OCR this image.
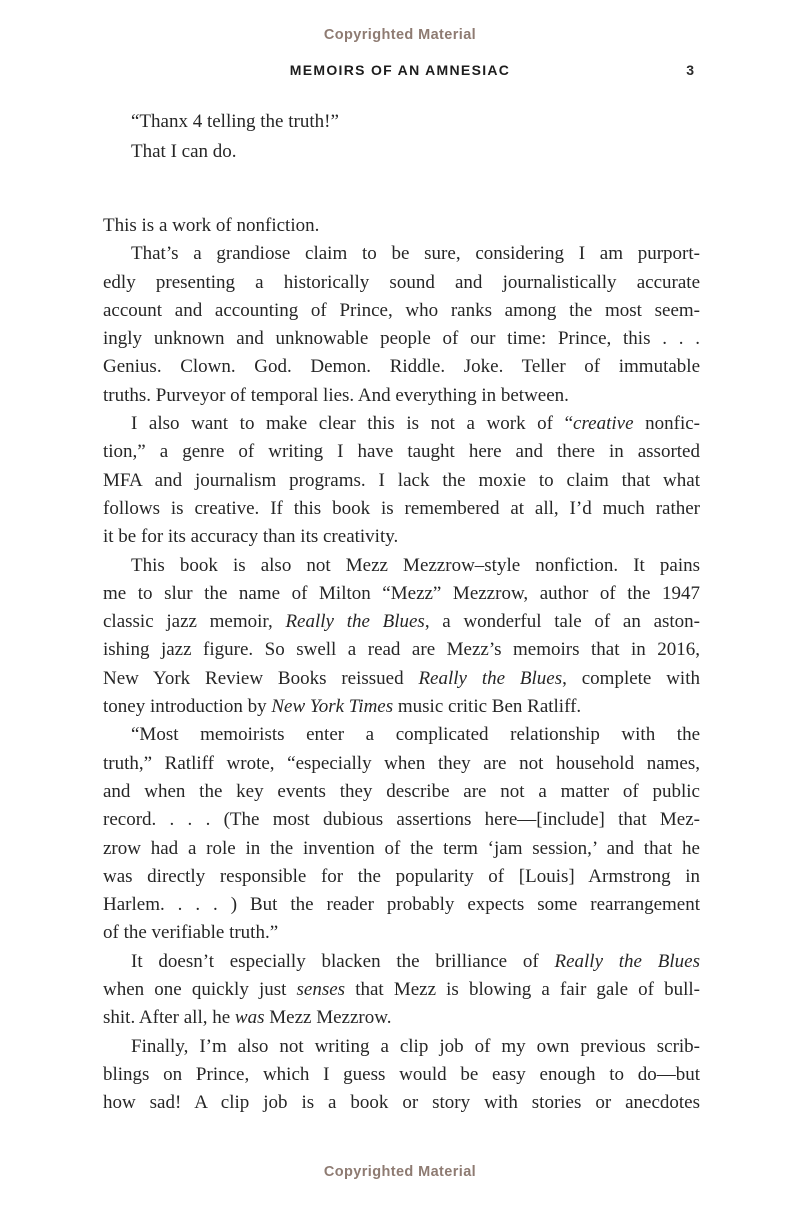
Copyrighted Material
MEMOIRS OF AN AMNESIAC	3
“Thanx 4 telling the truth!”
That I can do.
This is a work of nonfiction.
That’s a grandiose claim to be sure, considering I am purport-
edly presenting a historically sound and journalistically accurate
account and accounting of Prince, who ranks among the most seem-
ingly unknown and unknowable people of our time: Prince, this . . .
Genius. Clown. God. Demon. Riddle. Joke. Teller of immutable
truths. Purveyor of temporal lies. And everything in between.
I also want to make clear this is not a work of “creative nonfic-
tion,” a genre of writing I have taught here and there in assorted
MFA and journalism programs. I lack the moxie to claim that what
follows is creative. If this book is remembered at all, I’d much rather
it be for its accuracy than its creativity.
This book is also not Mezz Mezzrow–style nonfiction. It pains
me to slur the name of Milton “Mezz” Mezzrow, author of the 1947
classic jazz memoir, Really the Blues, a wonderful tale of an aston-
ishing jazz figure. So swell a read are Mezz’s memoirs that in 2016,
New York Review Books reissued Really the Blues, complete with
toney introduction by New York Times music critic Ben Ratliff.
“Most memoirists enter a complicated relationship with the
truth,” Ratliff wrote, “especially when they are not household names,
and when the key events they describe are not a matter of public
record. . . . (The most dubious assertions here—[include] that Mez-
zrow had a role in the invention of the term ‘jam session,’ and that he
was directly responsible for the popularity of [Louis] Armstrong in
Harlem. . . . ) But the reader probably expects some rearrangement
of the verifiable truth.”
It doesn’t especially blacken the brilliance of Really the Blues
when one quickly just senses that Mezz is blowing a fair gale of bull-
shit. After all, he was Mezz Mezzrow.
Finally, I’m also not writing a clip job of my own previous scrib-
blings on Prince, which I guess would be easy enough to do—but
how sad! A clip job is a book or story with stories or anecdotes
Copyrighted Material
